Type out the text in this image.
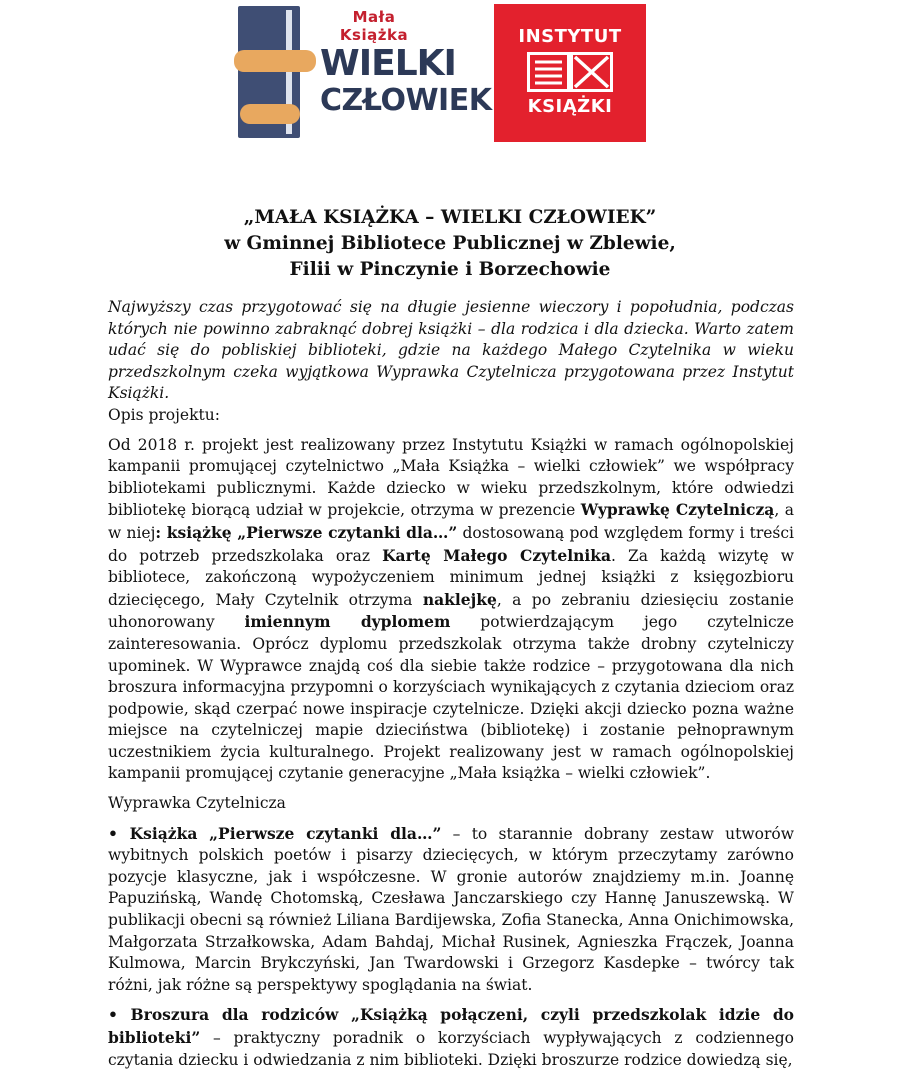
Mała Książka
WIELKI
CZŁOWIEK
INSTYTUT
KSIĄŻKI
„MAŁA KSIĄŻKA – WIELKI CZŁOWIEK”
w Gminnej Bibliotece Publicznej w Zblewie,
Filii w Pinczynie i Borzechowie

Najwyższy czas przygotować się na długie jesienne wieczory i popołudnia, podczas których nie powinno zabraknąć dobrej książki – dla rodzica i dla dziecka. Warto zatem udać się do pobliskiej biblioteki, gdzie na każdego Małego Czytelnika w wieku przedszkolnym czeka wyjątkowa Wyprawka Czytelnicza przygotowana przez Instytut Książki.

Opis projektu:

Od 2018 r. projekt jest realizowany przez Instytutu Książki w ramach ogólnopolskiej kampanii promującej czytelnictwo „Mała Książka – wielki człowiek” we współpracy bibliotekami publicznymi. Każde dziecko w wieku przedszkolnym, które odwiedzi bibliotekę biorącą udział w projekcie, otrzyma w prezencie Wyprawkę Czytelniczą, a w niej: książkę „Pierwsze czytanki dla…” dostosowaną pod względem formy i treści do potrzeb przedszkolaka oraz Kartę Małego Czytelnika. Za każdą wizytę w bibliotece, zakończoną wypożyczeniem minimum jednej książki z księgozbioru dziecięcego, Mały Czytelnik otrzyma naklejkę, a po zebraniu dziesięciu zostanie uhonorowany imiennym dyplomem potwierdzającym jego czytelnicze zainteresowania. Oprócz dyplomu przedszkolak otrzyma także drobny czytelniczy upominek. W Wyprawce znajdą coś dla siebie także rodzice – przygotowana dla nich broszura informacyjna przypomni o korzyściach wynikających z czytania dzieciom oraz podpowie, skąd czerpać nowe inspiracje czytelnicze. Dzięki akcji dziecko pozna ważne miejsce na czytelniczej mapie dzieciństwa (bibliotekę) i zostanie pełnoprawnym uczestnikiem życia kulturalnego. Projekt realizowany jest w ramach ogólnopolskiej kampanii promującej czytanie generacyjne „Mała książka – wielki człowiek”.

Wyprawka Czytelnicza

• Książka „Pierwsze czytanki dla…” – to starannie dobrany zestaw utworów wybitnych polskich poetów i pisarzy dziecięcych, w którym przeczytamy zarówno pozycje klasyczne, jak i współczesne. W gronie autorów znajdziemy m.in. Joannę Papuzińską, Wandę Chotomską, Czesława Janczarskiego czy Hannę Januszewską. W publikacji obecni są również Liliana Bardijewska, Zofia Stanecka, Anna Onichimowska, Małgorzata Strzałkowska, Adam Bahdaj, Michał Rusinek, Agnieszka Frączek, Joanna Kulmowa, Marcin Brykczyński, Jan Twardowski i Grzegorz Kasdepke – twórcy tak różni, jak różne są perspektywy spoglądania na świat.

• Broszura dla rodziców „Książką połączeni, czyli przedszkolak idzie do biblioteki” – praktyczny poradnik o korzyściach wypływających z codziennego czytania dziecku i odwiedzania z nim biblioteki. Dzięki broszurze rodzice dowiedzą się,
